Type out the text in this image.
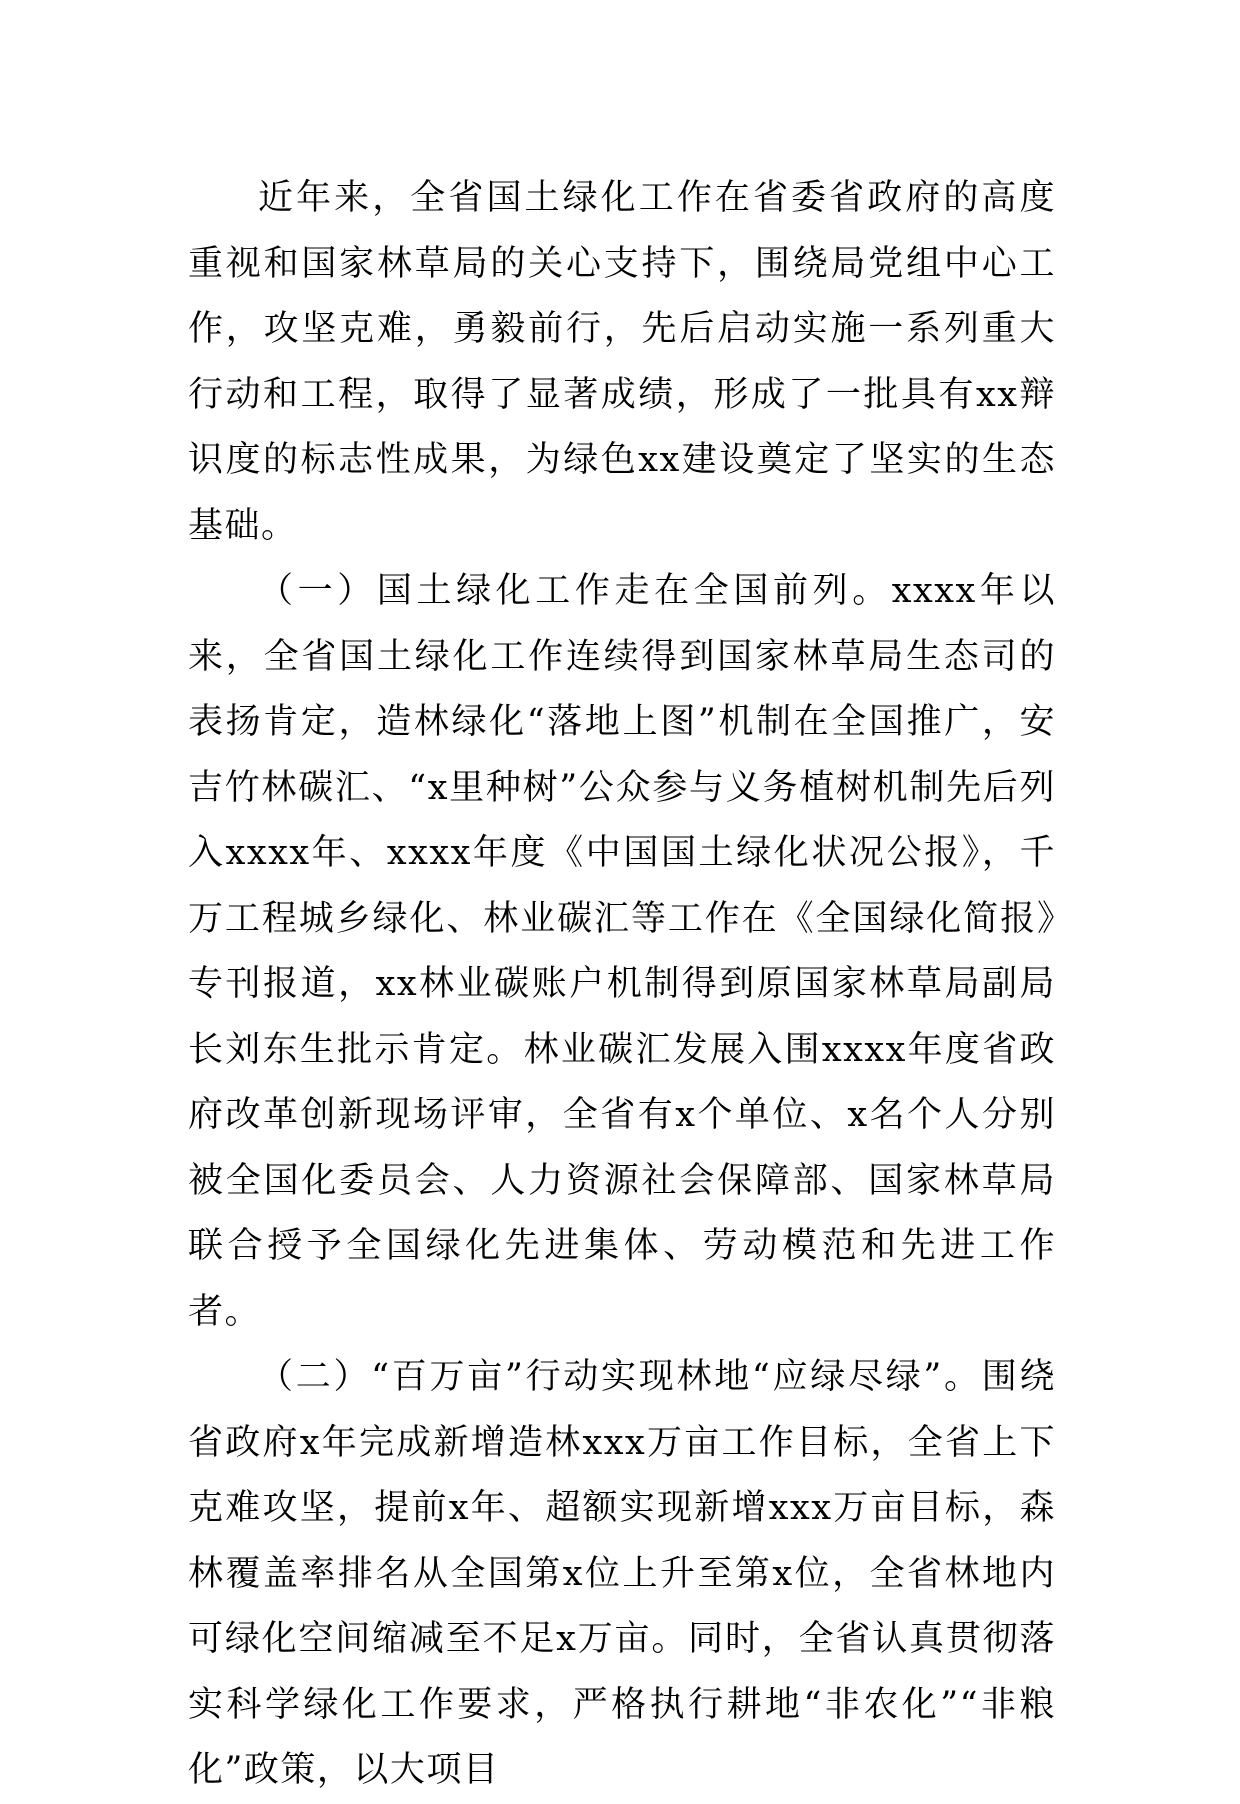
近年来，全省国土绿化工作在省委省政府的高度重视和国家林草局的关心支持下，围绕局党组中心工作，攻坚克难，勇毅前行，先后启动实施一系列重大行动和工程，取得了显著成绩，形成了一批具有xx辩识度的标志性成果，为绿色xx建设奠定了坚实的生态基础。

（一）国土绿化工作走在全国前列。xxxx年以来，全省国土绿化工作连续得到国家林草局生态司的表扬肯定，造林绿化“落地上图”机制在全国推广，安吉竹林碳汇、“x里种树”公众参与义务植树机制先后列入xxxx年、xxxx年度《中国国土绿化状况公报》，千万工程城乡绿化、林业碳汇等工作在《全国绿化简报》专刊报道，xx林业碳账户机制得到原国家林草局副局长刘东生批示肯定。林业碳汇发展入围xxxx年度省政府改革创新现场评审，全省有x个单位、x名个人分别被全国化委员会、人力资源社会保障部、国家林草局联合授予全国绿化先进集体、劳动模范和先进工作者。

（二）“百万亩”行动实现林地“应绿尽绿”。围绕省政府x年完成新增造林xxx万亩工作目标，全省上下克难攻坚，提前x年、超额实现新增xxx万亩目标，森林覆盖率排名从全国第x位上升至第x位，全省林地内可绿化空间缩减至不足x万亩。同时，全省认真贯彻落实科学绿化工作要求，严格执行耕地“非农化”“非粮化”政策，以大项目
